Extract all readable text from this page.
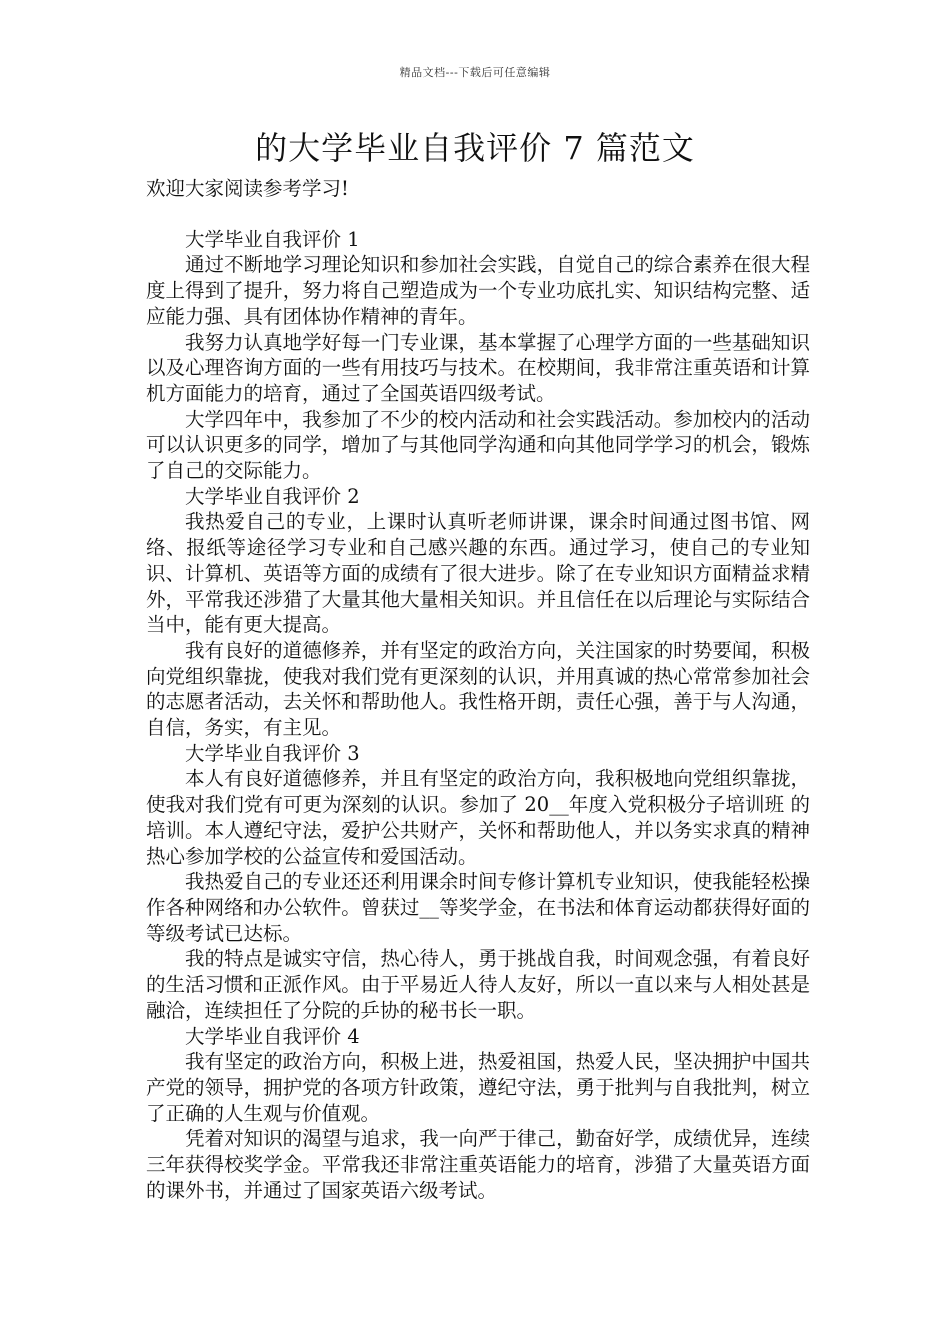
精品文档---下载后可任意编辑
的大学毕业自我评价 7 篇范文

欢迎大家阅读参考学习!

大学毕业自我评价 1

通过不断地学习理论知识和参加社会实践，自觉自己的综合素养在很大程度上得到了提升，努力将自己塑造成为一个专业功底扎实、知识结构完整、适应能力强、具有团体协作精神的青年。

我努力认真地学好每一门专业课，基本掌握了心理学方面的一些基础知识以及心理咨询方面的一些有用技巧与技术。在校期间，我非常注重英语和计算机方面能力的培育，通过了全国英语四级考试。

大学四年中，我参加了不少的校内活动和社会实践活动。参加校内的活动可以认识更多的同学，增加了与其他同学沟通和向其他同学学习的机会，锻炼了自己的交际能力。

大学毕业自我评价 2

我热爱自己的专业，上课时认真听老师讲课，课余时间通过图书馆、网络、报纸等途径学习专业和自己感兴趣的东西。通过学习，使自己的专业知识、计算机、英语等方面的成绩有了很大进步。除了在专业知识方面精益求精外，平常我还涉猎了大量其他大量相关知识。并且信任在以后理论与实际结合当中，能有更大提高。

我有良好的道德修养，并有坚定的政治方向，关注国家的时势要闻，积极向党组织靠拢，使我对我们党有更深刻的认识，并用真诚的热心常常参加社会的志愿者活动，去关怀和帮助他人。我性格开朗，责任心强，善于与人沟通，自信，务实，有主见。

大学毕业自我评价 3

本人有良好道德修养，并且有坚定的政治方向，我积极地向党组织靠拢，使我对我们党有可更为深刻的认识。参加了 20__年度入党积极分子培训班 的培训。本人遵纪守法，爱护公共财产，关怀和帮助他人，并以务实求真的精神热心参加学校的公益宣传和爱国活动。

我热爱自己的专业还还利用课余时间专修计算机专业知识，使我能轻松操作各种网络和办公软件。曾获过__等奖学金，在书法和体育运动都获得好面的等级考试已达标。

我的特点是诚实守信，热心待人，勇于挑战自我，时间观念强，有着良好的生活习惯和正派作风。由于平易近人待人友好，所以一直以来与人相处甚是融洽，连续担任了分院的乒协的秘书长一职。

大学毕业自我评价 4

我有坚定的政治方向，积极上进，热爱祖国，热爱人民，坚决拥护中国共产党的领导，拥护党的各项方针政策，遵纪守法，勇于批判与自我批判，树立了正确的人生观与价值观。

凭着对知识的渴望与追求，我一向严于律己，勤奋好学，成绩优异，连续三年获得校奖学金。平常我还非常注重英语能力的培育，涉猎了大量英语方面的课外书，并通过了国家英语六级考试。
